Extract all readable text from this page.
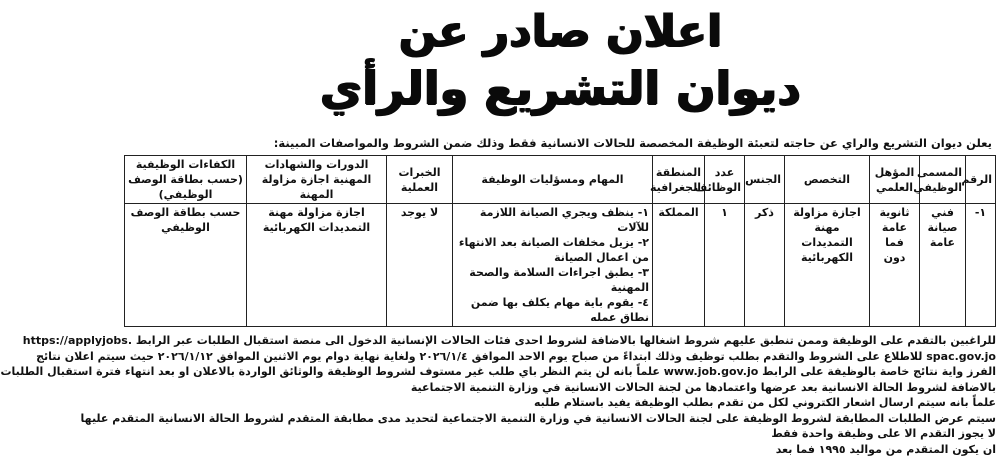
اعلان صادر عن
ديوان التشريع والرأي
يعلن ديوان التشريع والراي عن حاجته لتعبئة الوظيفة المخصصة للحالات الانسانية فقط وذلك ضمن الشروط والمواصفات المبينة:
الرقم	المسمى الوظيفي	المؤهل العلمي	التخصص	الجنس	عدد الوظائف	المنطقة الجغرافية	المهام ومسؤليات الوظيفة	الخبرات العملية	الدورات والشهادات المهنية اجازة مزاولة المهنة	الكفاءات الوظيفية (حسب بطاقة الوصف الوظيفي)
١-	فني صيانة عامة	ثانوية عامة فما دون	اجازة مزاولة مهنة التمديدات الكهربائية	ذكر	١	المملكة	١- ينظف ويجري الصيانة اللازمة للآلات
٢- يزيل مخلفات الصيانة بعد الانتهاء من اعمال الصيانة
٣- يطبق اجراءات السلامة والصحة المهنية
٤- يقوم باية مهام يكلف بها ضمن نطاق عمله	لا يوجد	اجازة مزاولة مهنة التمديدات الكهربائية	حسب بطاقة الوصف الوظيفي

للراغبين بالتقدم على الوظيفة وممن تنطبق عليهم شروط اشغالها بالاضافة لشروط احدى فئات الحالات الإنسانية الدخول الى منصة استقبال الطلبات عبر الرابط .https://applyjobs

spac.gov.jo للاطلاع على الشروط والتقدم بطلب توظيف وذلك ابتداءً من صباح يوم الاحد الموافق ٢٠٢٦/١/٤ ولغاية نهاية دوام يوم الاثنين الموافق ٢٠٢٦/١/١٢ حيث سيتم اعلان نتائج

الفرز واية نتائج خاصة بالوظيفة على الرابط www.job.gov.jo علماً بانه لن يتم النظر باي طلب غير مستوف لشروط الوظيفة والوثائق الواردة بالاعلان او بعد انتهاء فترة استقبال الطلبات

بالاضافة لشروط الحالة الانسانية بعد عرضها واعتمادها من لجنة الحالات الانسانية في وزارة التنمية الاجتماعية

علماً بانه سيتم ارسال اشعار الكتروني لكل من تقدم بطلب الوظيفة يفيد باستلام طلبه

سيتم عرض الطلبات المطابقة لشروط الوظيفة على لجنة الحالات الانسانية في وزارة التنمية الاجتماعية لتحديد مدى مطابقة المتقدم لشروط الحالة الانسانية المتقدم عليها

لا يجوز التقدم الا على وظيفة واحدة فقط

ان يكون المتقدم من مواليد ١٩٩٥ فما بعد
